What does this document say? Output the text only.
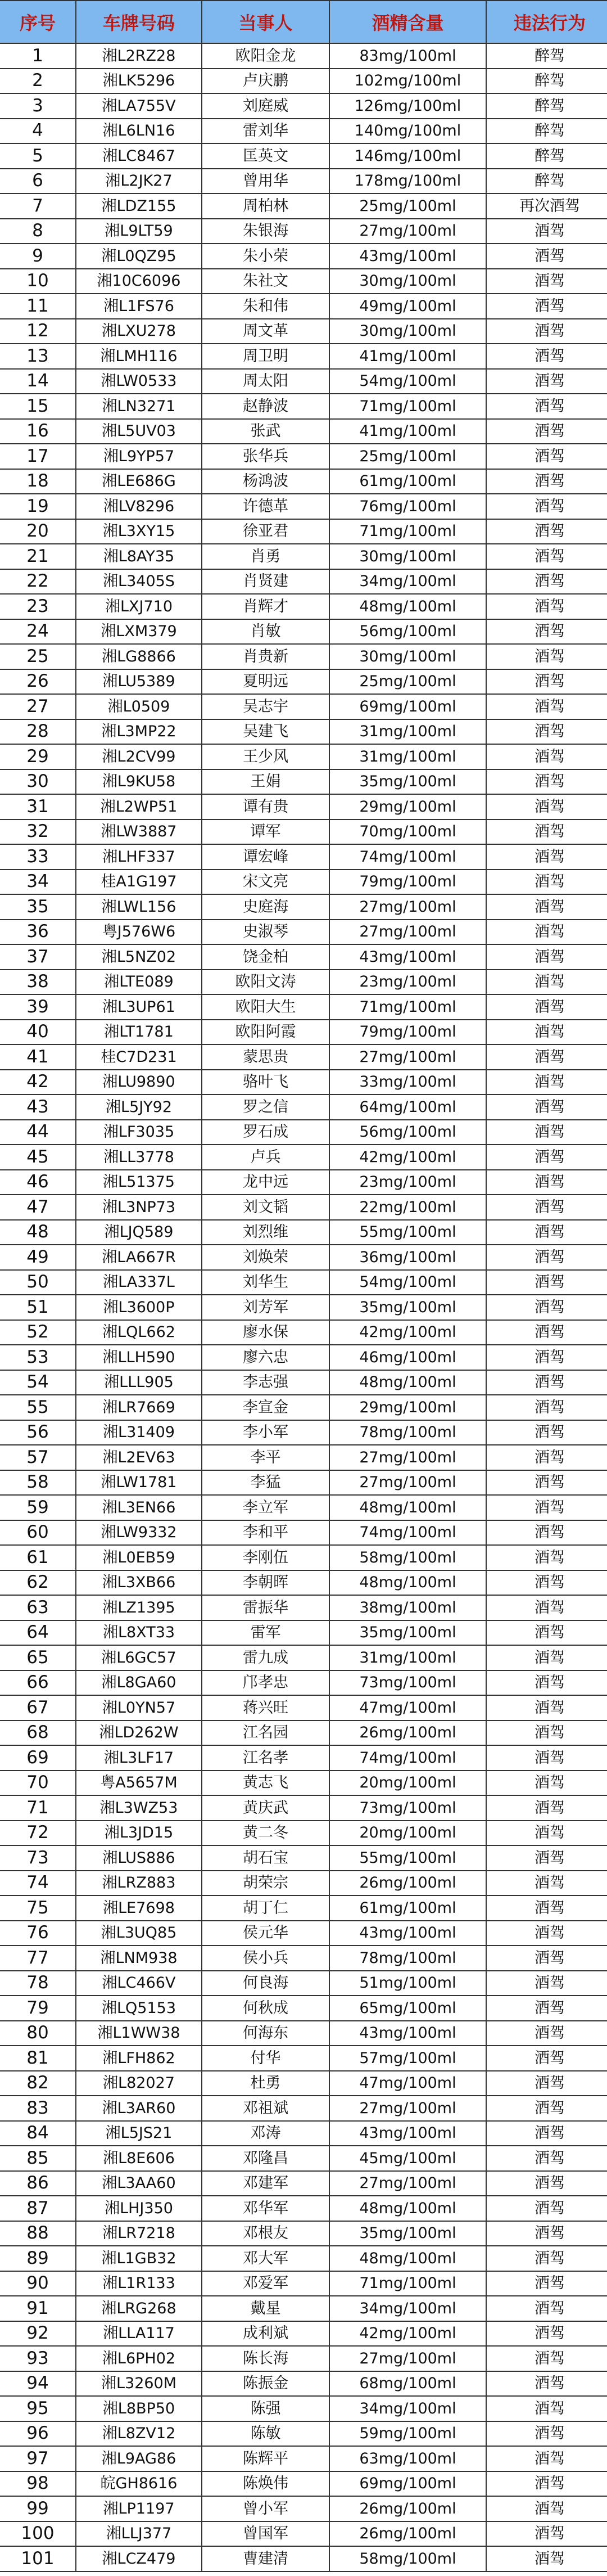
序号	车牌号码	当事人	酒精含量	违法行为
1	湘L2RZ28	欧阳金龙	83mg/100ml	醉驾
2	湘LK5296	卢庆鹏	102mg/100ml	醉驾
3	湘LA755V	刘庭威	126mg/100ml	醉驾
4	湘L6LN16	雷刘华	140mg/100ml	醉驾
5	湘LC8467	匡英文	146mg/100ml	醉驾
6	湘L2JK27	曾用华	178mg/100ml	醉驾
7	湘LDZ155	周柏林	25mg/100ml	再次酒驾
8	湘L9LT59	朱银海	27mg/100ml	酒驾
9	湘L0QZ95	朱小荣	43mg/100ml	酒驾
10	湘10C6096	朱社文	30mg/100ml	酒驾
11	湘L1FS76	朱和伟	49mg/100ml	酒驾
12	湘LXU278	周文革	30mg/100ml	酒驾
13	湘LMH116	周卫明	41mg/100ml	酒驾
14	湘LW0533	周太阳	54mg/100ml	酒驾
15	湘LN3271	赵静波	71mg/100ml	酒驾
16	湘L5UV03	张武	41mg/100ml	酒驾
17	湘L9YP57	张华兵	25mg/100ml	酒驾
18	湘LE686G	杨鸿波	61mg/100ml	酒驾
19	湘LV8296	许德革	76mg/100ml	酒驾
20	湘L3XY15	徐亚君	71mg/100ml	酒驾
21	湘L8AY35	肖勇	30mg/100ml	酒驾
22	湘L3405S	肖贤建	34mg/100ml	酒驾
23	湘LXJ710	肖辉才	48mg/100ml	酒驾
24	湘LXM379	肖敏	56mg/100ml	酒驾
25	湘LG8866	肖贵新	30mg/100ml	酒驾
26	湘LU5389	夏明远	25mg/100ml	酒驾
27	湘L0509	吴志宇	69mg/100ml	酒驾
28	湘L3MP22	吴建飞	31mg/100ml	酒驾
29	湘L2CV99	王少风	31mg/100ml	酒驾
30	湘L9KU58	王娟	35mg/100ml	酒驾
31	湘L2WP51	谭有贵	29mg/100ml	酒驾
32	湘LW3887	谭军	70mg/100ml	酒驾
33	湘LHF337	谭宏峰	74mg/100ml	酒驾
34	桂A1G197	宋文亮	79mg/100ml	酒驾
35	湘LWL156	史庭海	27mg/100ml	酒驾
36	粤J576W6	史淑琴	27mg/100ml	酒驾
37	湘L5NZ02	饶金柏	43mg/100ml	酒驾
38	湘LTE089	欧阳文涛	23mg/100ml	酒驾
39	湘L3UP61	欧阳大生	71mg/100ml	酒驾
40	湘LT1781	欧阳阿霞	79mg/100ml	酒驾
41	桂C7D231	蒙思贵	27mg/100ml	酒驾
42	湘LU9890	骆叶飞	33mg/100ml	酒驾
43	湘L5JY92	罗之信	64mg/100ml	酒驾
44	湘LF3035	罗石成	56mg/100ml	酒驾
45	湘LL3778	卢兵	42mg/100ml	酒驾
46	湘L51375	龙中远	23mg/100ml	酒驾
47	湘L3NP73	刘文韬	22mg/100ml	酒驾
48	湘LJQ589	刘烈维	55mg/100ml	酒驾
49	湘LA667R	刘焕荣	36mg/100ml	酒驾
50	湘LA337L	刘华生	54mg/100ml	酒驾
51	湘L3600P	刘芳军	35mg/100ml	酒驾
52	湘LQL662	廖水保	42mg/100ml	酒驾
53	湘LLH590	廖六忠	46mg/100ml	酒驾
54	湘LLL905	李志强	48mg/100ml	酒驾
55	湘LR7669	李宣金	29mg/100ml	酒驾
56	湘L31409	李小军	78mg/100ml	酒驾
57	湘L2EV63	李平	27mg/100ml	酒驾
58	湘LW1781	李猛	27mg/100ml	酒驾
59	湘L3EN66	李立军	48mg/100ml	酒驾
60	湘LW9332	李和平	74mg/100ml	酒驾
61	湘L0EB59	李刚伍	58mg/100ml	酒驾
62	湘L3XB66	李朝晖	48mg/100ml	酒驾
63	湘LZ1395	雷振华	38mg/100ml	酒驾
64	湘L8XT33	雷军	35mg/100ml	酒驾
65	湘L6GC57	雷九成	31mg/100ml	酒驾
66	湘L8GA60	邝孝忠	73mg/100ml	酒驾
67	湘L0YN57	蒋兴旺	47mg/100ml	酒驾
68	湘LD262W	江名园	26mg/100ml	酒驾
69	湘L3LF17	江名孝	74mg/100ml	酒驾
70	粤A5657M	黄志飞	20mg/100ml	酒驾
71	湘L3WZ53	黄庆武	73mg/100ml	酒驾
72	湘L3JD15	黄二冬	20mg/100ml	酒驾
73	湘LUS886	胡石宝	55mg/100ml	酒驾
74	湘LRZ883	胡荣宗	26mg/100ml	酒驾
75	湘LE7698	胡丁仁	61mg/100ml	酒驾
76	湘L3UQ85	侯元华	43mg/100ml	酒驾
77	湘LNM938	侯小兵	78mg/100ml	酒驾
78	湘LC466V	何良海	51mg/100ml	酒驾
79	湘LQ5153	何秋成	65mg/100ml	酒驾
80	湘L1WW38	何海东	43mg/100ml	酒驾
81	湘LFH862	付华	57mg/100ml	酒驾
82	湘L82027	杜勇	47mg/100ml	酒驾
83	湘L3AR60	邓祖斌	27mg/100ml	酒驾
84	湘L5JS21	邓涛	43mg/100ml	酒驾
85	湘L8E606	邓隆昌	45mg/100ml	酒驾
86	湘L3AA60	邓建军	27mg/100ml	酒驾
87	湘LHJ350	邓华军	48mg/100ml	酒驾
88	湘LR7218	邓根友	35mg/100ml	酒驾
89	湘L1GB32	邓大军	48mg/100ml	酒驾
90	湘L1R133	邓爱军	71mg/100ml	酒驾
91	湘LRG268	戴星	34mg/100ml	酒驾
92	湘LLA117	成利斌	42mg/100ml	酒驾
93	湘L6PH02	陈长海	27mg/100ml	酒驾
94	湘L3260M	陈振金	68mg/100ml	酒驾
95	湘L8BP50	陈强	34mg/100ml	酒驾
96	湘L8ZV12	陈敏	59mg/100ml	酒驾
97	湘L9AG86	陈辉平	63mg/100ml	酒驾
98	皖GH8616	陈焕伟	69mg/100ml	酒驾
99	湘LP1197	曾小军	26mg/100ml	酒驾
100	湘LLJ377	曾国军	26mg/100ml	酒驾
101	湘LCZ479	曹建清	58mg/100ml	酒驾
